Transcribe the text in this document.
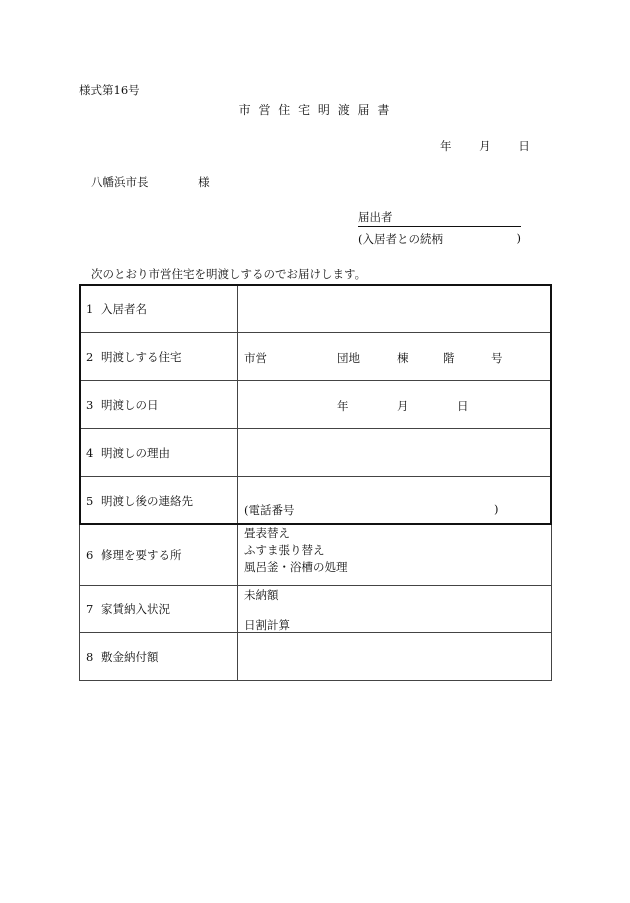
様式第16号
市 営 住 宅 明 渡 届 書
年 月 日
八幡浜市長	様
届出者
(入居者との続柄	)
次のとおり市営住宅を明渡しするのでお届けします。
1 入居者名	
2 明渡しする住宅	市営 団地 棟 階 号

3 明渡しの日	年 月 日

4 明渡しの理由	
5 明渡し後の連絡先	(電話番号 )

6 修理を要する所	畳表替え
ふすま張り替え
風呂釜・浴槽の処理

7 家賃納入状況	未納額
日割計算

8 敷金納付額	
